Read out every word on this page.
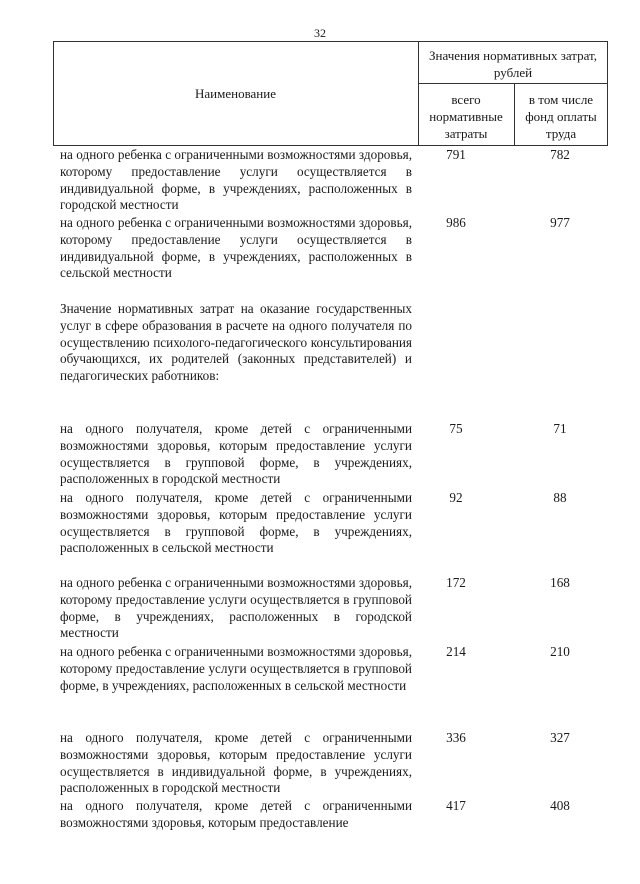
32
Наименование
Значения нормативных затрат, рублей
всего нормативные затраты
в том числе фонд оплаты труда
на одного ребенка с ограниченными возможностями здоровья, которому предоставление услуги осуществляется в индивидуальной форме, в учреждениях, расположенных в городской местности
791	782
на одного ребенка с ограниченными возможностями здоровья, которому предоставление услуги осуществляется в индивидуальной форме, в учреждениях, расположенных в сельской местности
986	977
Значение нормативных затрат на оказание государственных услуг в сфере образования в расчете на одного получателя по осуществлению психолого-педагогического консультирования обучающихся, их родителей (законных представителей) и педагогических работников:
на одного получателя, кроме детей с ограниченными возможностями здоровья, которым предоставление услуги осуществляется в групповой форме, в учреждениях, расположенных в городской местности
75	71
на одного получателя, кроме детей с ограниченными возможностями здоровья, которым предоставление услуги осуществляется в групповой форме, в учреждениях, расположенных в сельской местности
92	88
на одного ребенка с ограниченными возможностями здоровья, которому предоставление услуги осуществляется в групповой форме, в учреждениях, расположенных в городской местности
172	168
на одного ребенка с ограниченными возможностями здоровья, которому предоставление услуги осуществляется в групповой форме, в учреждениях, расположенных в сельской местности
214	210
на одного получателя, кроме детей с ограниченными возможностями здоровья, которым предоставление услуги осуществляется в индивидуальной форме, в учреждениях, расположенных в городской местности
336	327
на одного получателя, кроме детей с ограниченными возможностями здоровья, которым предоставление
417	408
